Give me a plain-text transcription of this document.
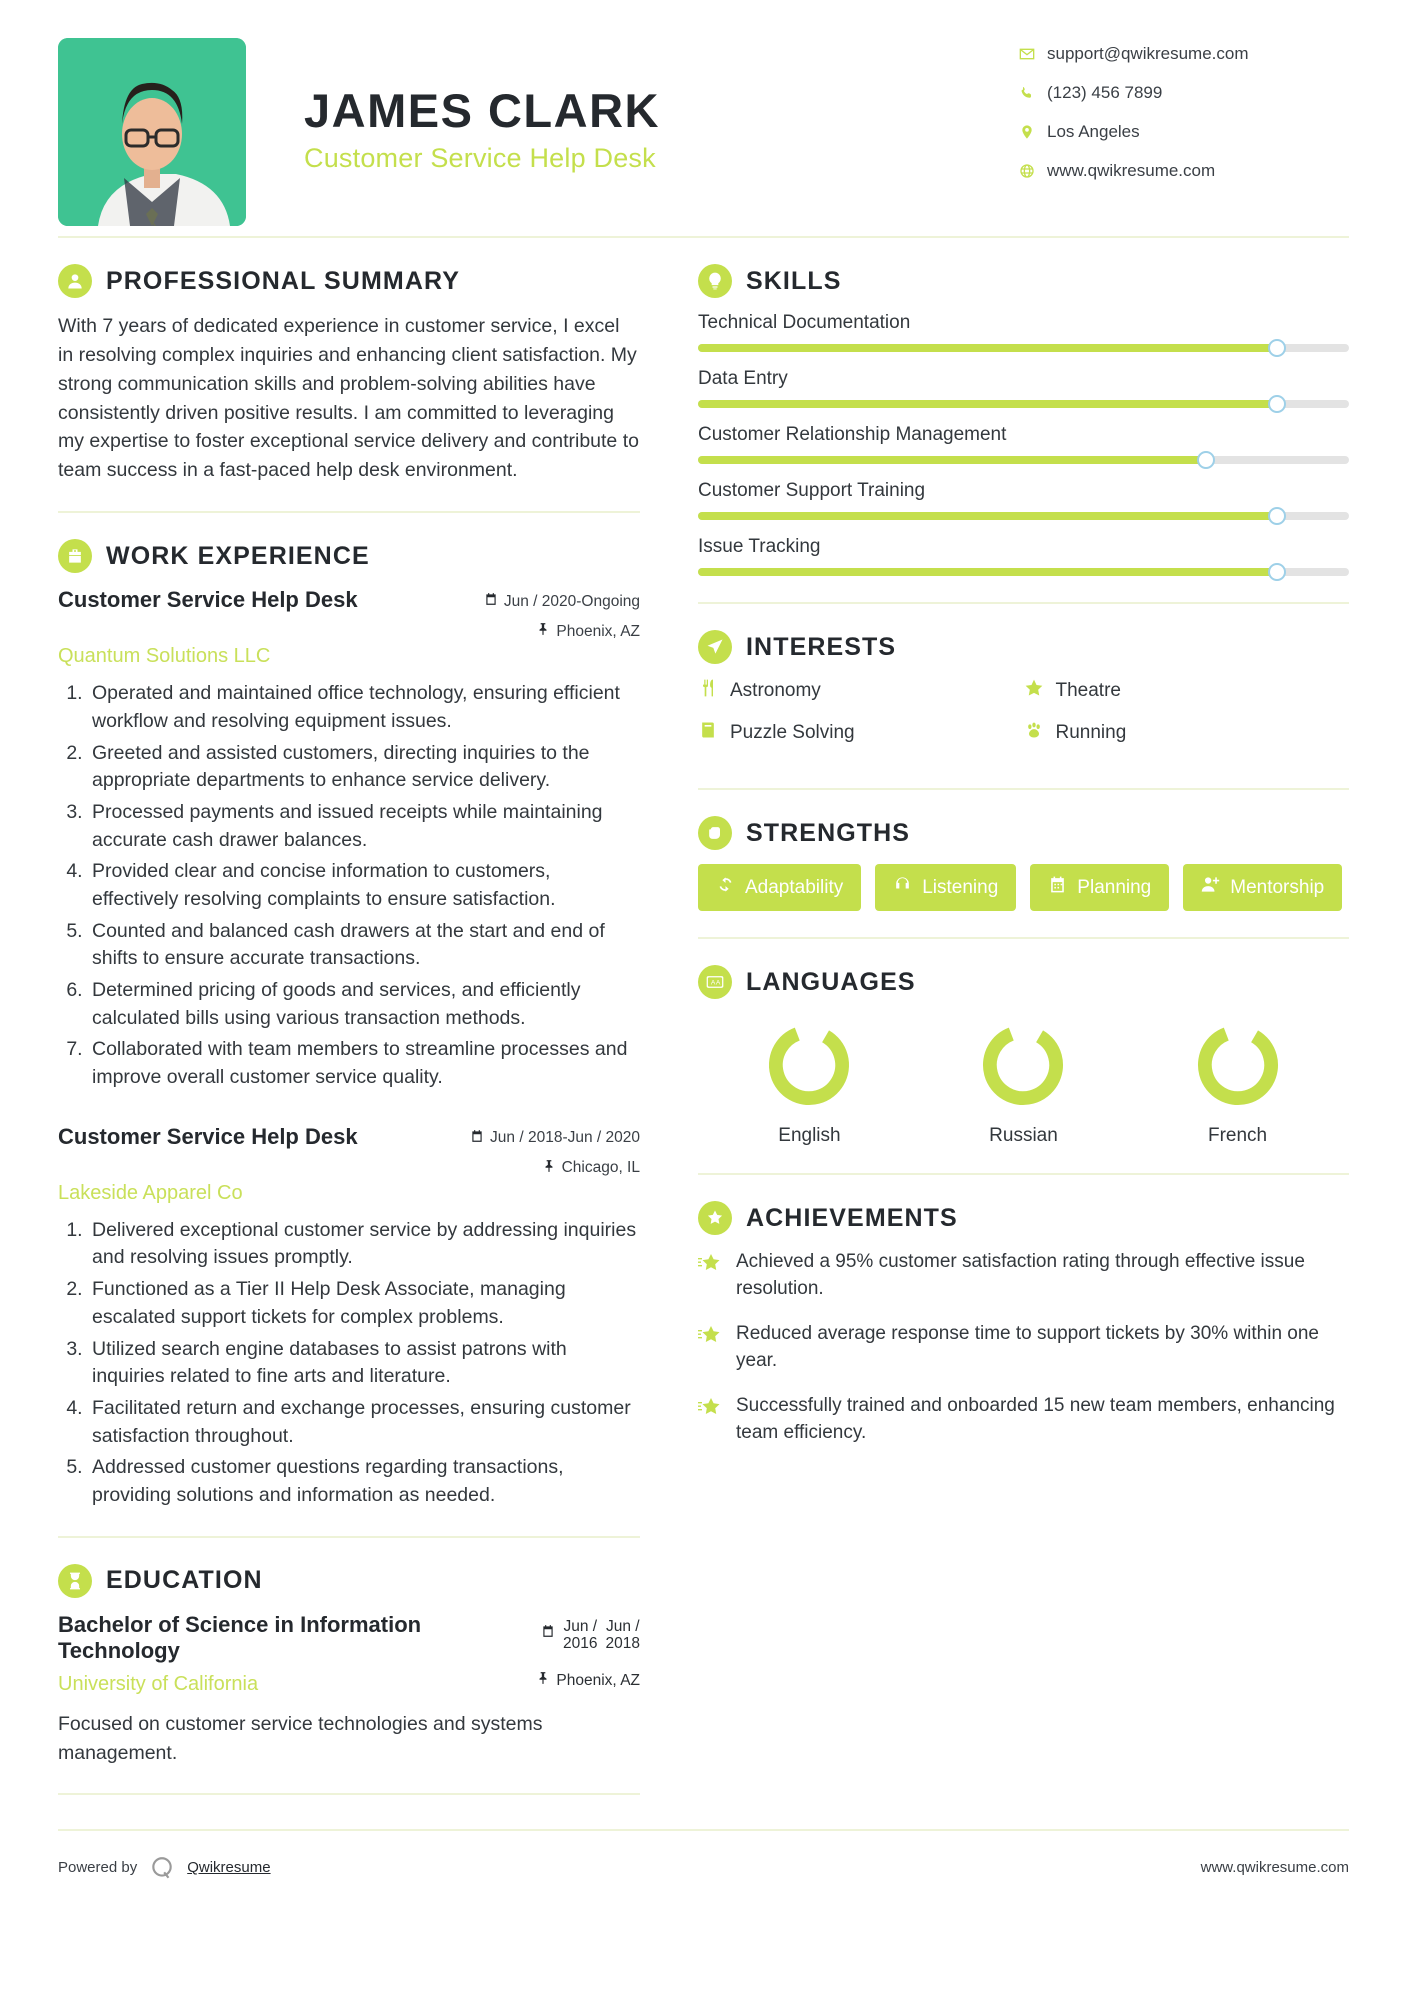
JAMES CLARK
Customer Service Help Desk
support@qwikresume.com
(123) 456 7899
Los Angeles
www.qwikresume.com
PROFESSIONAL SUMMARY

With 7 years of dedicated experience in customer service, I excel in resolving complex inquiries and enhancing client satisfaction. My strong communication skills and problem-solving abilities have consistently driven positive results. I am committed to leveraging my expertise to foster exceptional service delivery and contribute to team success in a fast-paced help desk environment.

WORK EXPERIENCE
Customer Service Help Desk	Jun / 2020-Ongoing
Phoenix, AZ
Quantum Solutions LLC
1. Operated and maintained office technology, ensuring efficient workflow and resolving equipment issues.
2. Greeted and assisted customers, directing inquiries to the appropriate departments to enhance service delivery.
3. Processed payments and issued receipts while maintaining accurate cash drawer balances.
4. Provided clear and concise information to customers, effectively resolving complaints to ensure satisfaction.
5. Counted and balanced cash drawers at the start and end of shifts to ensure accurate transactions.
6. Determined pricing of goods and services, and efficiently calculated bills using various transaction methods.
7. Collaborated with team members to streamline processes and improve overall customer service quality.
Customer Service Help Desk	Jun / 2018-Jun / 2020
Chicago, IL
Lakeside Apparel Co
1. Delivered exceptional customer service by addressing inquiries and resolving issues promptly.
2. Functioned as a Tier II Help Desk Associate, managing escalated support tickets for complex problems.
3. Utilized search engine databases to assist patrons with inquiries related to fine arts and literature.
4. Facilitated return and exchange processes, ensuring customer satisfaction throughout.
5. Addressed customer questions regarding transactions, providing solutions and information as needed.
EDUCATION
Bachelor of Science in Information Technology
Jun /
2016
Jun /
2018
University of California	Phoenix, AZ
Focused on customer service technologies and systems management.
SKILLS
Technical Documentation
Data Entry
Customer Relationship Management
Customer Support Training
Issue Tracking
INTERESTS
Astronomy	Theatre
Puzzle Solving	Running
STRENGTHS
Adaptability	Listening	Planning	Mentorship
A A LANGUAGES
English	Russian	French
ACHIEVEMENTS
Achieved a 95% customer satisfaction rating through effective issue resolution.
Reduced average response time to support tickets by 30% within one year.
Successfully trained and onboarded 15 new team members, enhancing team efficiency.
Powered by	Qwikresume	www.qwikresume.com
